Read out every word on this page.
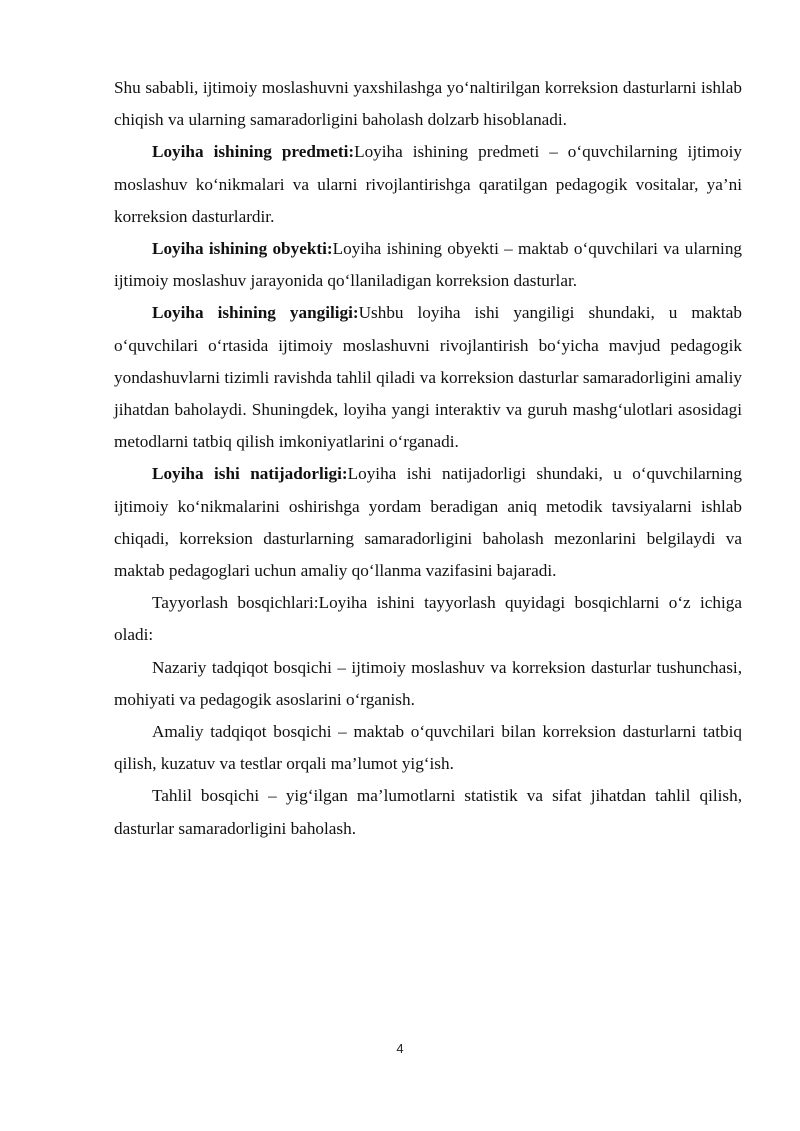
Shu sababli, ijtimoiy moslashuvni yaxshilashga yo‘naltirilgan korreksion dasturlarni ishlab chiqish va ularning samaradorligini baholash dolzarb hisoblanadi.

Loyiha ishining predmeti:Loyiha ishining predmeti – o‘quvchilarning ijtimoiy moslashuv ko‘nikmalari va ularni rivojlantirishga qaratilgan pedagogik vositalar, ya’ni korreksion dasturlardir.

Loyiha ishining obyekti:Loyiha ishining obyekti – maktab o‘quvchilari va ularning ijtimoiy moslashuv jarayonida qo‘llaniladigan korreksion dasturlar.

Loyiha ishining yangiligi:Ushbu loyiha ishi yangiligi shundaki, u maktab o‘quvchilari o‘rtasida ijtimoiy moslashuvni rivojlantirish bo‘yicha mavjud pedagogik yondashuvlarni tizimli ravishda tahlil qiladi va korreksion dasturlar samaradorligini amaliy jihatdan baholaydi. Shuningdek, loyiha yangi interaktiv va guruh mashg‘ulotlari asosidagi metodlarni tatbiq qilish imkoniyatlarini o‘rganadi.

Loyiha ishi natijadorligi:Loyiha ishi natijadorligi shundaki, u o‘quvchilarning ijtimoiy ko‘nikmalarini oshirishga yordam beradigan aniq metodik tavsiyalarni ishlab chiqadi, korreksion dasturlarning samaradorligini baholash mezonlarini belgilaydi va maktab pedagoglari uchun amaliy qo‘llanma vazifasini bajaradi.

Tayyorlash bosqichlari:Loyiha ishini tayyorlash quyidagi bosqichlarni o‘z ichiga oladi:

Nazariy tadqiqot bosqichi – ijtimoiy moslashuv va korreksion dasturlar tushunchasi, mohiyati va pedagogik asoslarini o‘rganish.

Amaliy tadqiqot bosqichi – maktab o‘quvchilari bilan korreksion dasturlarni tatbiq qilish, kuzatuv va testlar orqali ma’lumot yig‘ish.

Tahlil bosqichi – yig‘ilgan ma’lumotlarni statistik va sifat jihatdan tahlil qilish, dasturlar samaradorligini baholash.

4
